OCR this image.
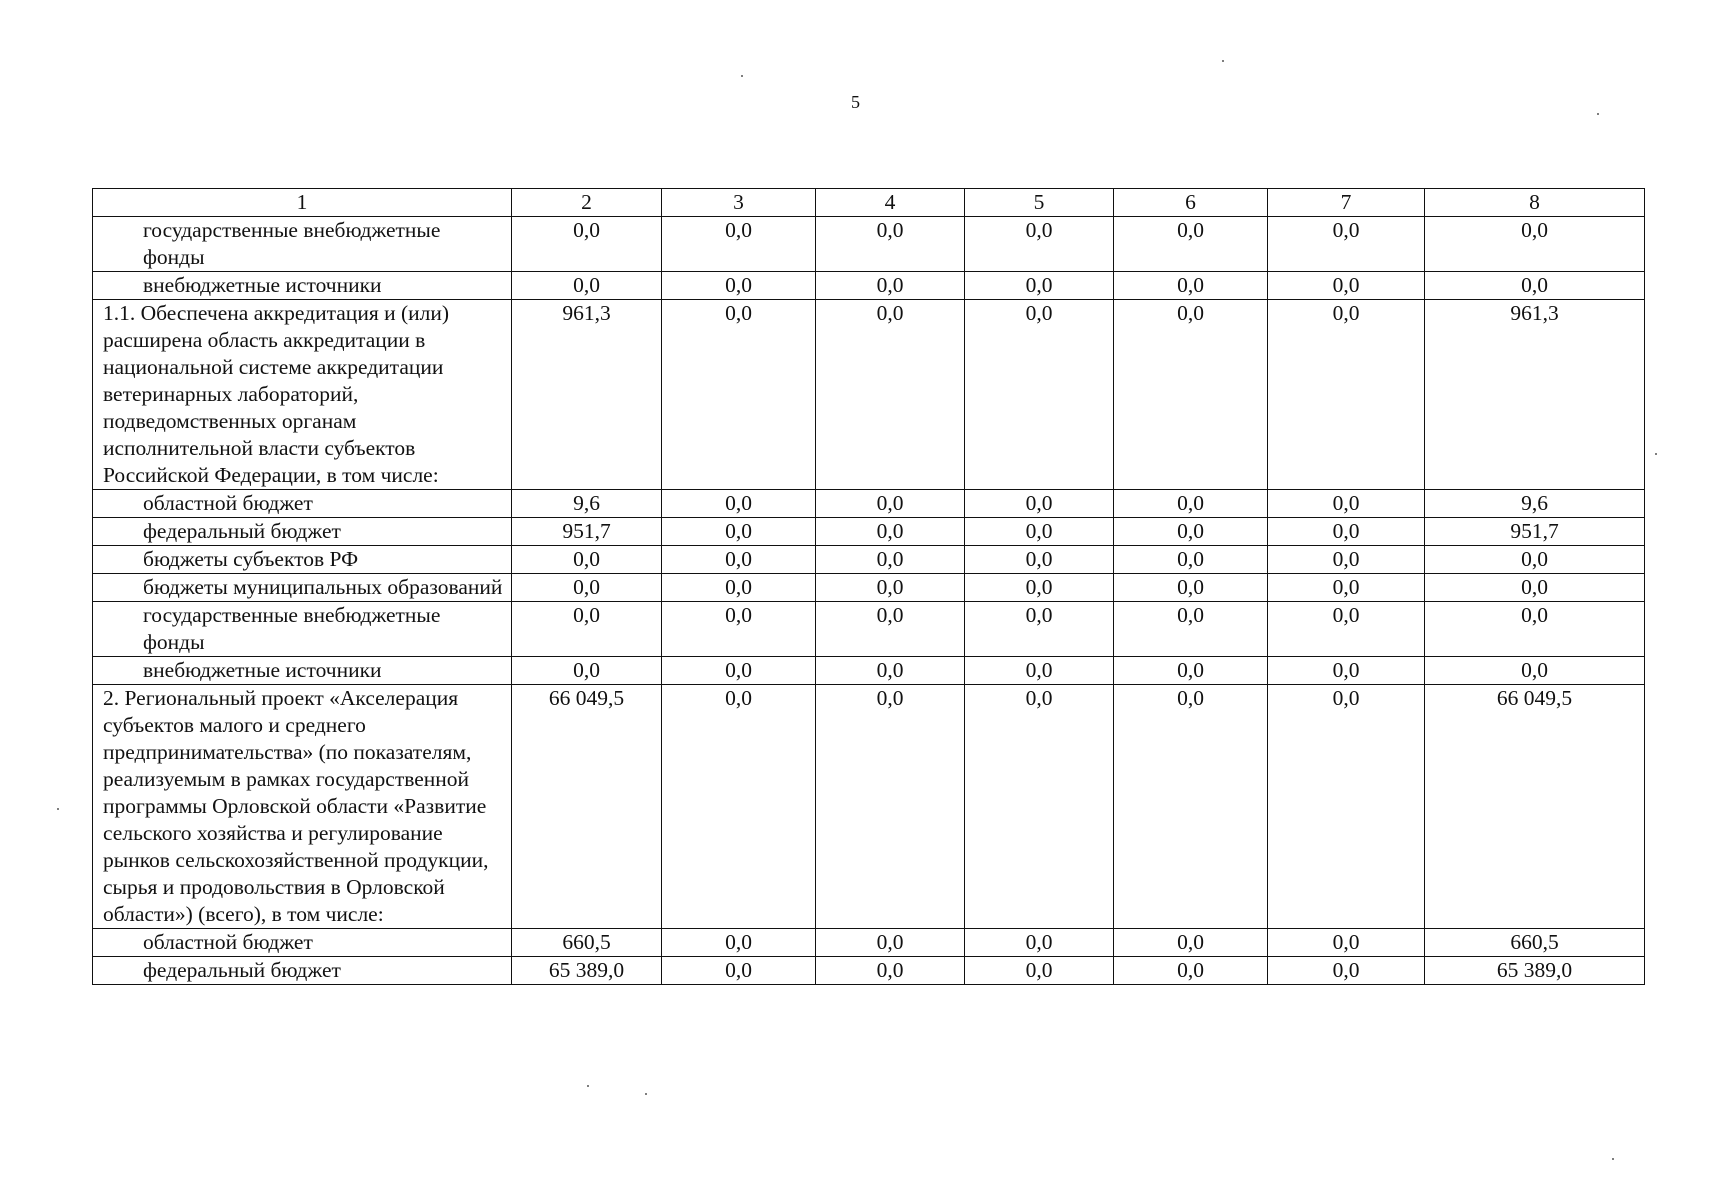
5
1	2	3	4	5	6	7	8
государственные внебюджетные фонды	0,0	0,0	0,0	0,0	0,0	0,0	0,0
внебюджетные источники	0,0	0,0	0,0	0,0	0,0	0,0	0,0
1.1. Обеспечена аккредитация и (или) расширена область аккредитации в национальной системе аккредитации ветеринарных лабораторий, подведомственных органам исполнительной власти субъектов Российской Федерации, в том числе:	961,3	0,0	0,0	0,0	0,0	0,0	961,3
областной бюджет	9,6	0,0	0,0	0,0	0,0	0,0	9,6
федеральный бюджет	951,7	0,0	0,0	0,0	0,0	0,0	951,7
бюджеты субъектов РФ	0,0	0,0	0,0	0,0	0,0	0,0	0,0
бюджеты муниципальных образований	0,0	0,0	0,0	0,0	0,0	0,0	0,0
государственные внебюджетные фонды	0,0	0,0	0,0	0,0	0,0	0,0	0,0
внебюджетные источники	0,0	0,0	0,0	0,0	0,0	0,0	0,0
2. Региональный проект «Акселерация субъектов малого и среднего предпринимательства» (по показателям, реализуемым в рамках государственной программы Орловской области «Развитие сельского хозяйства и регулирование рынков сельскохозяйственной продукции, сырья и продовольствия в Орловской области») (всего), в том числе:	66 049,5	0,0	0,0	0,0	0,0	0,0	66 049,5
областной бюджет	660,5	0,0	0,0	0,0	0,0	0,0	660,5
федеральный бюджет	65 389,0	0,0	0,0	0,0	0,0	0,0	65 389,0
